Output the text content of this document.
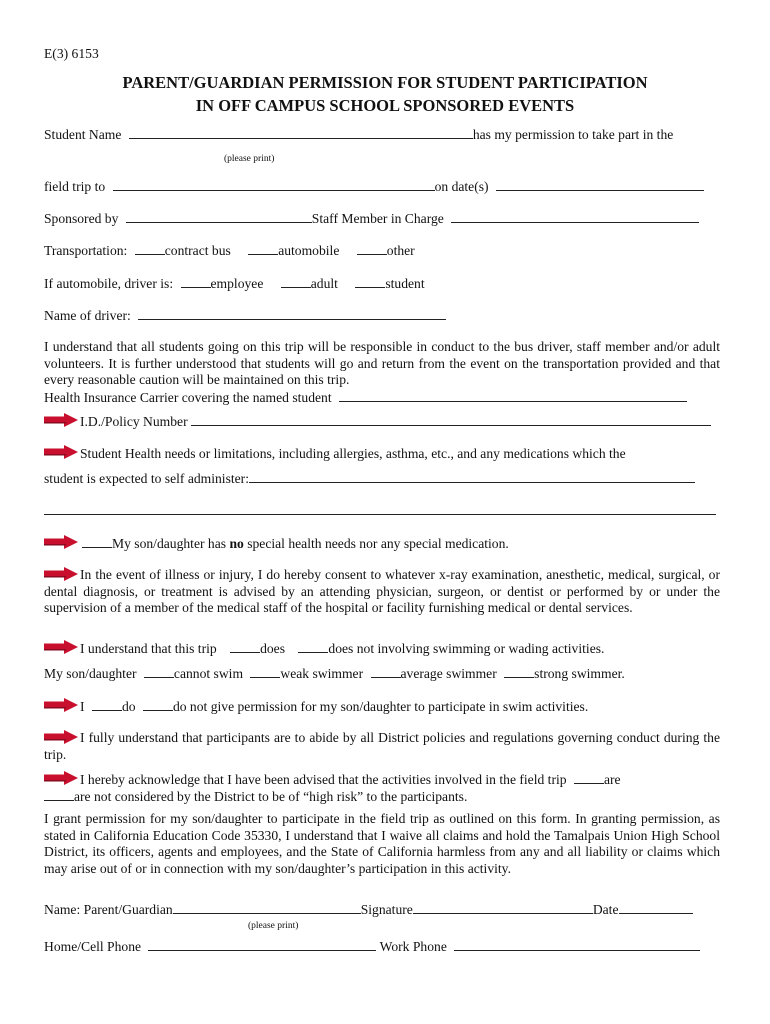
E(3) 6153
PARENT/GUARDIAN PERMISSION FOR STUDENT PARTICIPATION
IN OFF CAMPUS SCHOOL SPONSORED EVENTS
Student Name	has my permission to take part in the
(please print)
field trip to	on date(s)
Sponsored by	Staff Member in Charge
Transportation:	contract bus	automobile	other
If automobile, driver is:	employee	adult	student
Name of driver:
I understand that all students going on this trip will be responsible in conduct to the bus driver, staff member and/or adult volunteers. It is further understood that students will go and return from the event on the transportation provided and that every reasonable caution will be maintained on this trip.
Health Insurance Carrier covering the named student
I.D./Policy Number
Student Health needs or limitations, including allergies, asthma, etc., and any medications which the
student is expected to self administer:
My son/daughter has no special health needs nor any special medication.
In the event of illness or injury, I do hereby consent to whatever x-ray examination, anesthetic, medical, surgical, or dental diagnosis, or treatment is advised by an attending physician, surgeon, or dentist or performed by or under the supervision of a member of the medical staff of the hospital or facility furnishing medical or dental services.
I understand that this trip	does	does not involving swimming or wading activities.
My son/daughter	cannot swim	weak swimmer	average swimmer	strong swimmer.
I	do	do not give permission for my son/daughter to participate in swim activities.
I fully understand that participants are to abide by all District policies and regulations governing conduct during the trip.
I hereby acknowledge that I have been advised that the activities involved in the field trip	are
are not considered by the District to be of “high risk” to the participants.
I grant permission for my son/daughter to participate in the field trip as outlined on this form. In granting permission, as stated in California Education Code 35330, I understand that I waive all claims and hold the Tamalpais Union High School District, its officers, agents and employees, and the State of California harmless from any and all liability or claims which may arise out of or in connection with my son/daughter’s participation in this activity.
Name: Parent/Guardian	Signature	Date
(please print)
Home/Cell Phone	Work Phone
